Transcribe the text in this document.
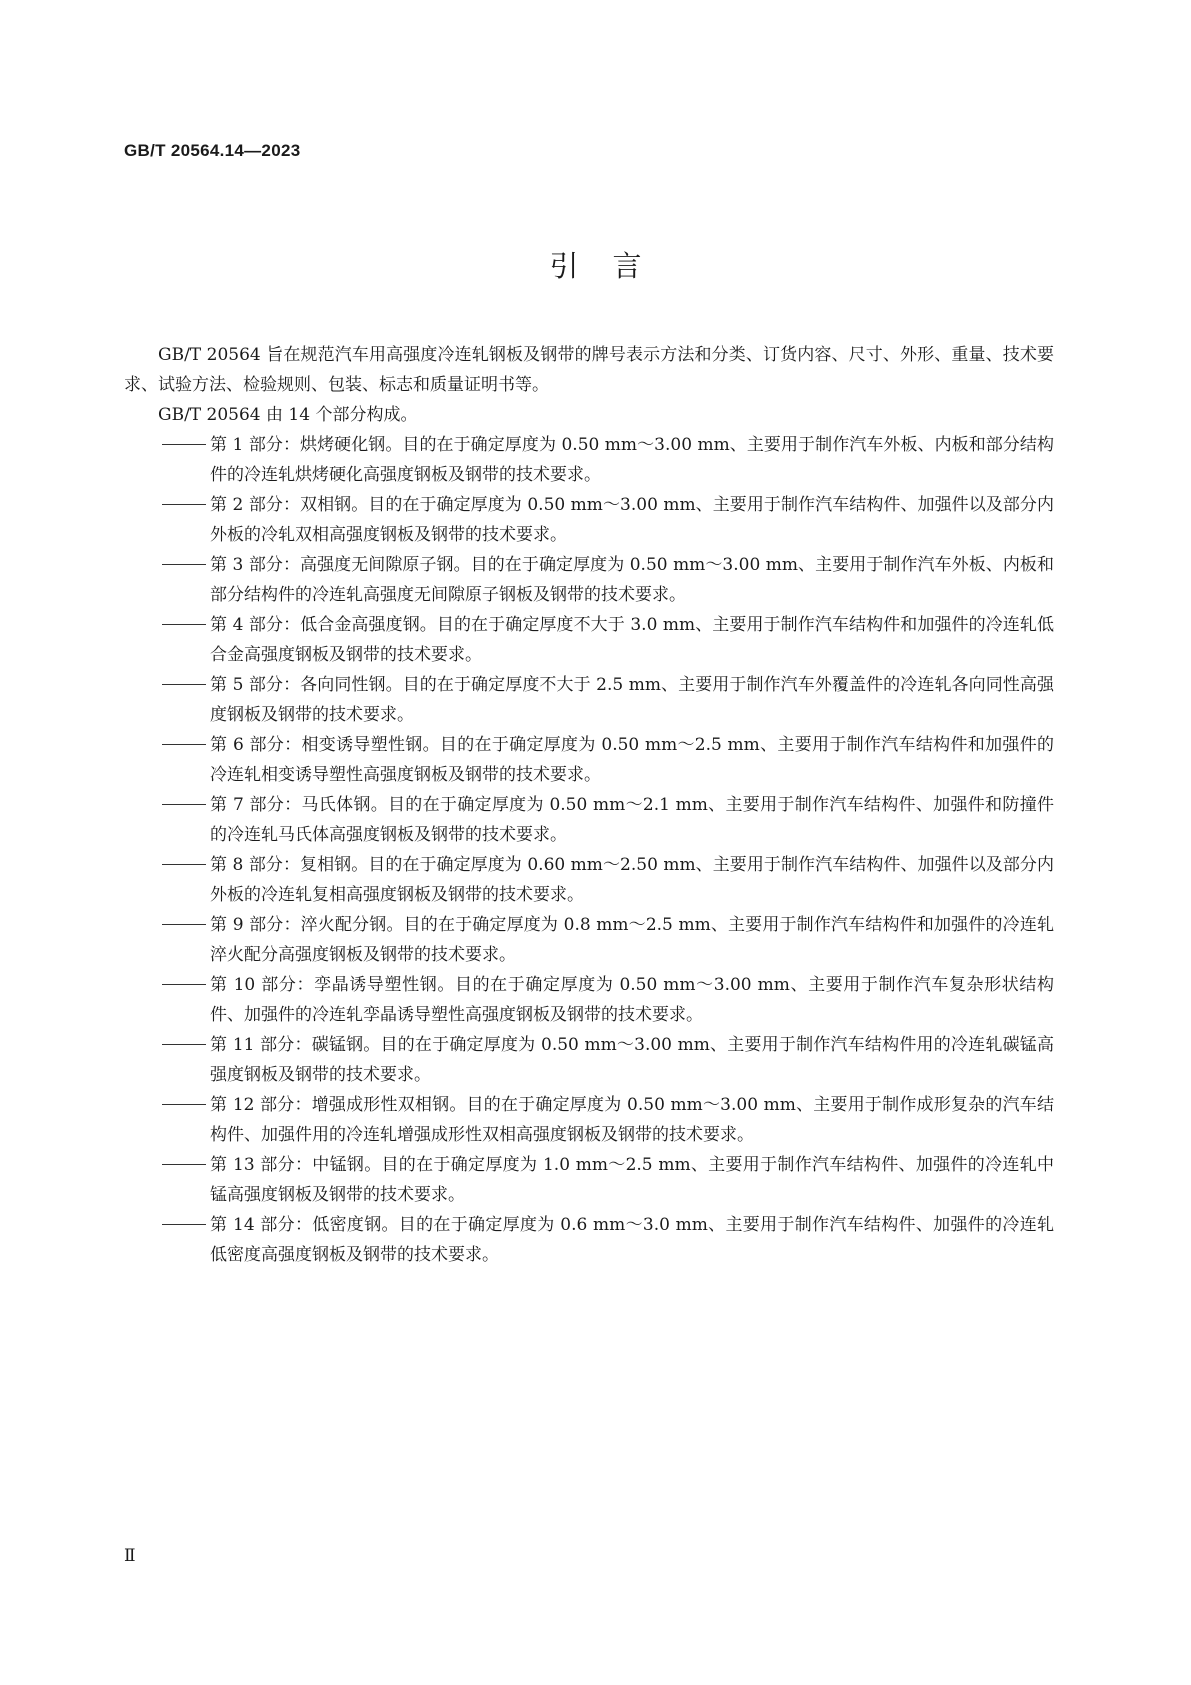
GB/T 20564.14—2023
引言

GB/T 20564 旨在规范汽车用高强度冷连轧钢板及钢带的牌号表示方法和分类、订货内容、尺寸、外形、重量、技术要求、试验方法、检验规则、包装、标志和质量证明书等。

GB/T 20564 由 14 个部分构成。

第 1 部分：烘烤硬化钢。目的在于确定厚度为 0.50 mm～3.00 mm、主要用于制作汽车外板、内板和部分结构件的冷连轧烘烤硬化高强度钢板及钢带的技术要求。
第 2 部分：双相钢。目的在于确定厚度为 0.50 mm～3.00 mm、主要用于制作汽车结构件、加强件以及部分内外板的冷轧双相高强度钢板及钢带的技术要求。
第 3 部分：高强度无间隙原子钢。目的在于确定厚度为 0.50 mm～3.00 mm、主要用于制作汽车外板、内板和部分结构件的冷连轧高强度无间隙原子钢板及钢带的技术要求。
第 4 部分：低合金高强度钢。目的在于确定厚度不大于 3.0 mm、主要用于制作汽车结构件和加强件的冷连轧低合金高强度钢板及钢带的技术要求。
第 5 部分：各向同性钢。目的在于确定厚度不大于 2.5 mm、主要用于制作汽车外覆盖件的冷连轧各向同性高强度钢板及钢带的技术要求。
第 6 部分：相变诱导塑性钢。目的在于确定厚度为 0.50 mm～2.5 mm、主要用于制作汽车结构件和加强件的冷连轧相变诱导塑性高强度钢板及钢带的技术要求。
第 7 部分：马氏体钢。目的在于确定厚度为 0.50 mm～2.1 mm、主要用于制作汽车结构件、加强件和防撞件的冷连轧马氏体高强度钢板及钢带的技术要求。
第 8 部分：复相钢。目的在于确定厚度为 0.60 mm～2.50 mm、主要用于制作汽车结构件、加强件以及部分内外板的冷连轧复相高强度钢板及钢带的技术要求。
第 9 部分：淬火配分钢。目的在于确定厚度为 0.8 mm～2.5 mm、主要用于制作汽车结构件和加强件的冷连轧淬火配分高强度钢板及钢带的技术要求。
第 10 部分：孪晶诱导塑性钢。目的在于确定厚度为 0.50 mm～3.00 mm、主要用于制作汽车复杂形状结构件、加强件的冷连轧孪晶诱导塑性高强度钢板及钢带的技术要求。
第 11 部分：碳锰钢。目的在于确定厚度为 0.50 mm～3.00 mm、主要用于制作汽车结构件用的冷连轧碳锰高强度钢板及钢带的技术要求。
第 12 部分：增强成形性双相钢。目的在于确定厚度为 0.50 mm～3.00 mm、主要用于制作成形复杂的汽车结构件、加强件用的冷连轧增强成形性双相高强度钢板及钢带的技术要求。
第 13 部分：中锰钢。目的在于确定厚度为 1.0 mm～2.5 mm、主要用于制作汽车结构件、加强件的冷连轧中锰高强度钢板及钢带的技术要求。
第 14 部分：低密度钢。目的在于确定厚度为 0.6 mm～3.0 mm、主要用于制作汽车结构件、加强件的冷连轧低密度高强度钢板及钢带的技术要求。
Ⅱ
